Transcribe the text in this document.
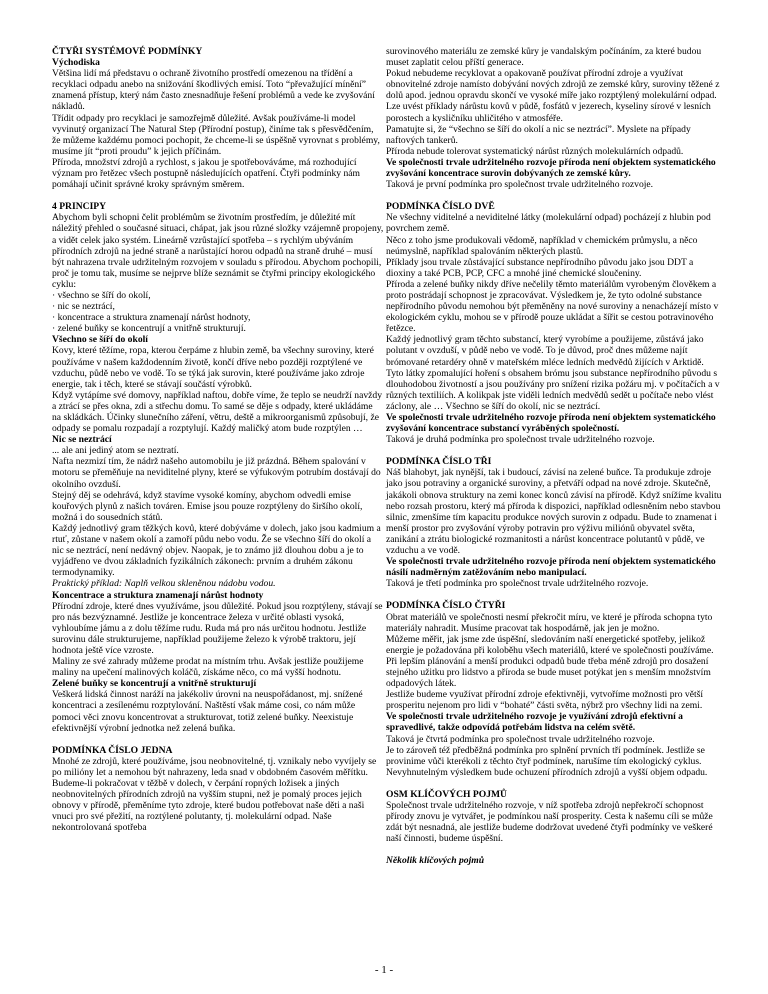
ČTYŘI SYSTÉMOVÉ PODMÍNKY

Východiska

Většina lidí má představu o ochraně životního prostředí omezenou na třídění a recyklaci odpadu anebo na snižování škodlivých emisí. Toto “převažující mínění” znamená přístup, který nám často znesnadňuje řešení problémů a vede ke zvyšování nákladů.

Třídit odpady pro recyklaci je samozřejmě důležité. Avšak používáme-li model vyvinutý organizací The Natural Step (Přírodní postup), činíme tak s přesvědčením, že můžeme každému pomoci pochopit, že chceme-li se úspěšně vyrovnat s problémy, musíme jít “proti proudu” k jejich příčinám.

Příroda, množství zdrojů a rychlost, s jakou je spotřebováváme, má rozhodující význam pro řetězec všech postupně následujících opatření. Čtyři podmínky nám pomáhají učinit správné kroky správným směrem.

4 PRINCIPY

Abychom byli schopni čelit problémům se životním prostředím, je důležité mít náležitý přehled o současné situaci, chápat, jak jsou různé složky vzájemně propojeny, a vidět celek jako systém. Lineárně vzrůstající spotřeba – s rychlým ubýváním přírodních zdrojů na jedné straně a narůstající horou odpadů na straně druhé – musí být nahrazena trvale udržitelným rozvojem v souladu s přírodou. Abychom pochopili, proč je tomu tak, musíme se nejprve blíže seznámit se čtyřmi principy ekologického cyklu:

· všechno se šíří do okolí,

· nic se neztrácí,

· koncentrace a struktura znamenají nárůst hodnoty,

· zelené buňky se koncentrují a vnitřně strukturují.

Všechno se šíří do okolí

Kovy, které těžíme, ropa, kterou čerpáme z hlubin země, ba všechny suroviny, které používáme v našem každodenním životě, končí dříve nebo později rozptýlené ve vzduchu, půdě nebo ve vodě. To se týká jak surovin, které používáme jako zdroje energie, tak i těch, které se stávají součástí výrobků.

Když vytápíme své domovy, například naftou, dobře víme, že teplo se neudrží navždy a ztrácí se přes okna, zdi a střechu domu. To samé se děje s odpady, které ukládáme na skládkách. Účinky slunečního záření, větru, deště a mikroorganismů způsobují, že odpady se pomalu rozpadají a rozptylují. Každý maličký atom bude rozptýlen …

Nic se neztrácí

... ale ani jediný atom se neztratí.

Nafta nezmizí tím, že nádrž našeho automobilu je již prázdná. Během spalování v motoru se přeměňuje na neviditelné plyny, které se výfukovým potrubím dostávají do okolního ovzduší.

Stejný děj se odehrává, když stavíme vysoké komíny, abychom odvedli emise kouřových plynů z našich továren. Emise jsou pouze rozptýleny do širšího okolí, možná i do sousedních států.

Každý jednotlivý gram těžkých kovů, které dobýváme v dolech, jako jsou kadmium a rtuť, zůstane v našem okolí a zamoří půdu nebo vodu. Že se všechno šíří do okolí a nic se neztrácí, není nedávný objev. Naopak, je to známo již dlouhou dobu a je to vyjádřeno ve dvou základních fyzikálních zákonech: prvním a druhém zákonu termodynamiky.

Praktický příklad: Naplň velkou skleněnou nádobu vodou.

Koncentrace a struktura znamenají nárůst hodnoty

Přírodní zdroje, které dnes využíváme, jsou důležité. Pokud jsou rozptýleny, stávají se pro nás bezvýznamné. Jestliže je koncentrace železa v určité oblasti vysoká, vyhloubíme jámu a z dolu těžíme rudu. Ruda má pro nás určitou hodnotu. Jestliže surovinu dále strukturujeme, například použijeme železo k výrobě traktoru, její hodnota ještě více vzroste.

Maliny ze své zahrady můžeme prodat na místním trhu. Avšak jestliže použijeme maliny na upečení malinových koláčů, získáme něco, co má vyšší hodnotu.

Zelené buňky se koncentrují a vnitřně strukturují

Veškerá lidská činnost naráží na jakékoliv úrovni na neuspořádanost, mj. snížené koncentraci a zesílenému rozptylování. Naštěstí však máme cosi, co nám může pomoci věci znovu koncentrovat a strukturovat, totiž zelené buňky. Neexistuje efektivnější výrobní jednotka než zelená buňka.

PODMÍNKA ČÍSLO JEDNA

Mnohé ze zdrojů, které používáme, jsou neobnovitelné, tj. vznikaly nebo vyvíjely se po milióny let a nemohou být nahrazeny, leda snad v obdobném časovém měřítku.

Budeme-li pokračovat v těžbě v dolech, v čerpání ropných ložisek a jiných neobnovitelných přírodních zdrojů na vyšším stupni, než je pomalý proces jejich obnovy v přírodě, přeměníme tyto zdroje, které budou potřebovat naše děti a naši vnuci pro své přežití, na roztýlené polutanty, tj. molekulární odpad. Naše nekontrolovaná spotřeba

surovinového materiálu ze zemské kůry je vandalským počínáním, za které budou muset zaplatit celou příští generace.

Pokud nebudeme recyklovat a opakovaně používat přírodní zdroje a využívat obnovitelné zdroje namísto dobývání nových zdrojů ze zemské kůry, suroviny těžené z dolů apod. jednou opravdu skončí ve vysoké míře jako rozptýlený molekulární odpad.

Lze uvést příklady nárůstu kovů v půdě, fosfátů v jezerech, kyseliny sírové v lesních porostech a kysličníku uhličitého v atmosféře.

Pamatujte si, že “všechno se šíří do okolí a nic se neztrácí”. Myslete na případy naftových tankerů.

Příroda nebude tolerovat systematický nárůst různých molekulárních odpadů.

Ve společnosti trvale udržitelného rozvoje příroda není objektem systematického zvyšování koncentrace surovin dobývaných ze zemské kůry.

Taková je první podmínka pro společnost trvale udržitelného rozvoje.

PODMÍNKA ČÍSLO DVĚ

Ne všechny viditelné a neviditelné látky (molekulární odpad) pocházejí z hlubin pod povrchem země.

Něco z toho jsme produkovali vědomě, například v chemickém průmyslu, a něco neúmyslně, například spalováním některých plastů.

Příklady jsou trvale zůstávající substance nepřírodního původu jako jsou DDT a dioxiny a také PCB, PCP, CFC a mnohé jiné chemické sloučeniny.

Příroda a zelené buňky nikdy dříve nečelily těmto materiálům vyrobeným člověkem a proto postrádají schopnost je zpracovávat. Výsledkem je, že tyto odolné substance nepřírodního původu nemohou být přeměněny na nové suroviny a nenacházejí místo v ekologickém cyklu, mohou se v přírodě pouze ukládat a šířit se cestou potravinového řetězce.

Každý jednotlivý gram těchto substancí, který vyrobíme a použijeme, zůstává jako polutant v ovzduší, v půdě nebo ve vodě. To je důvod, proč dnes můžeme najít brómované retardéry ohně v mateřském mléce ledních medvědů žijících v Arktidě. Tyto látky zpomalující hoření s obsahem brómu jsou substance nepřírodního původu s dlouhodobou životností a jsou používány pro snížení rizika požáru mj. v počítačích a v různých textiliích. A kolikpak jste viděli ledních medvědů sedět u počítače nebo vlést záclony, ale … Všechno se šíří do okolí, nic se neztrácí.

Ve společnosti trvale udržitelného rozvoje příroda není objektem systematického zvyšování koncentrace substancí vyráběných společností.

Taková je druhá podmínka pro společnost trvale udržitelného rozvoje.

PODMÍNKA ČÍSLO TŘI

Náš blahobyt, jak nynější, tak i budoucí, závisí na zelené buňce. Ta produkuje zdroje jako jsou potraviny a organické suroviny, a přetváří odpad na nové zdroje. Skutečně, jakákoli obnova struktury na zemi konec konců závisí na přírodě. Když snížíme kvalitu nebo rozsah prostoru, který má příroda k dispozici, například odlesněním nebo stavbou silnic, zmenšíme tím kapacitu produkce nových surovin z odpadu. Bude to znamenat i menší prostor pro zvyšování výroby potravin pro výživu miliónů obyvatel světa, zanikání a ztrátu biologické rozmanitosti a nárůst koncentrace polutantů v půdě, ve vzduchu a ve vodě.

Ve společnosti trvale udržitelného rozvoje příroda není objektem systematického násilí nadměrným zatěžováním nebo manipulací.

Taková je třetí podmínka pro společnost trvale udržitelného rozvoje.

PODMÍNKA ČÍSLO ČTYŘI

Obrat materiálů ve společnosti nesmí překročit míru, ve které je příroda schopna tyto materiály nahradit. Musíme pracovat tak hospodárně, jak jen je možno.

Můžeme měřit, jak jsme zde úspěšní, sledováním naší energetické spotřeby, jelikož energie je požadována při koloběhu všech materiálů, které ve společnosti používáme.

Při lepším plánování a menší produkci odpadů bude třeba méně zdrojů pro dosažení stejného užitku pro lidstvo a příroda se bude muset potýkat jen s menším množstvím odpadových látek.

Jestliže budeme využívat přírodní zdroje efektivněji, vytvoříme možnosti pro větší prosperitu nejenom pro lidi v “bohaté” části světa, nýbrž pro všechny lidi na zemi.

Ve společnosti trvale udržitelného rozvoje je využívání zdrojů efektivní a spravedlivé, takže odpovídá potřebám lidstva na celém světě.

Taková je čtvrtá podmínka pro společnost trvale udržitelného rozvoje.

Je to zároveň též předběžná podmínka pro splnění prvních tří podmínek. Jestliže se provinime vůči kterékoli z těchto čtyř podmínek, narušíme tím ekologický cyklus. Nevyhnutelným výsledkem bude ochuzení přírodních zdrojů a vyšší objem odpadu.

OSM KLÍČOVÝCH POJMŮ

Společnost trvale udržitelného rozvoje, v níž spotřeba zdrojů nepřekročí schopnost přírody znovu je vytvářet, je podmínkou naší prosperity. Cesta k našemu cíli se může zdát být nesnadná, ale jestliže budeme dodržovat uvedené čtyři podmínky ve veškeré naší činnosti, budeme úspěšní.

Několik klíčových pojmů

- 1 -
